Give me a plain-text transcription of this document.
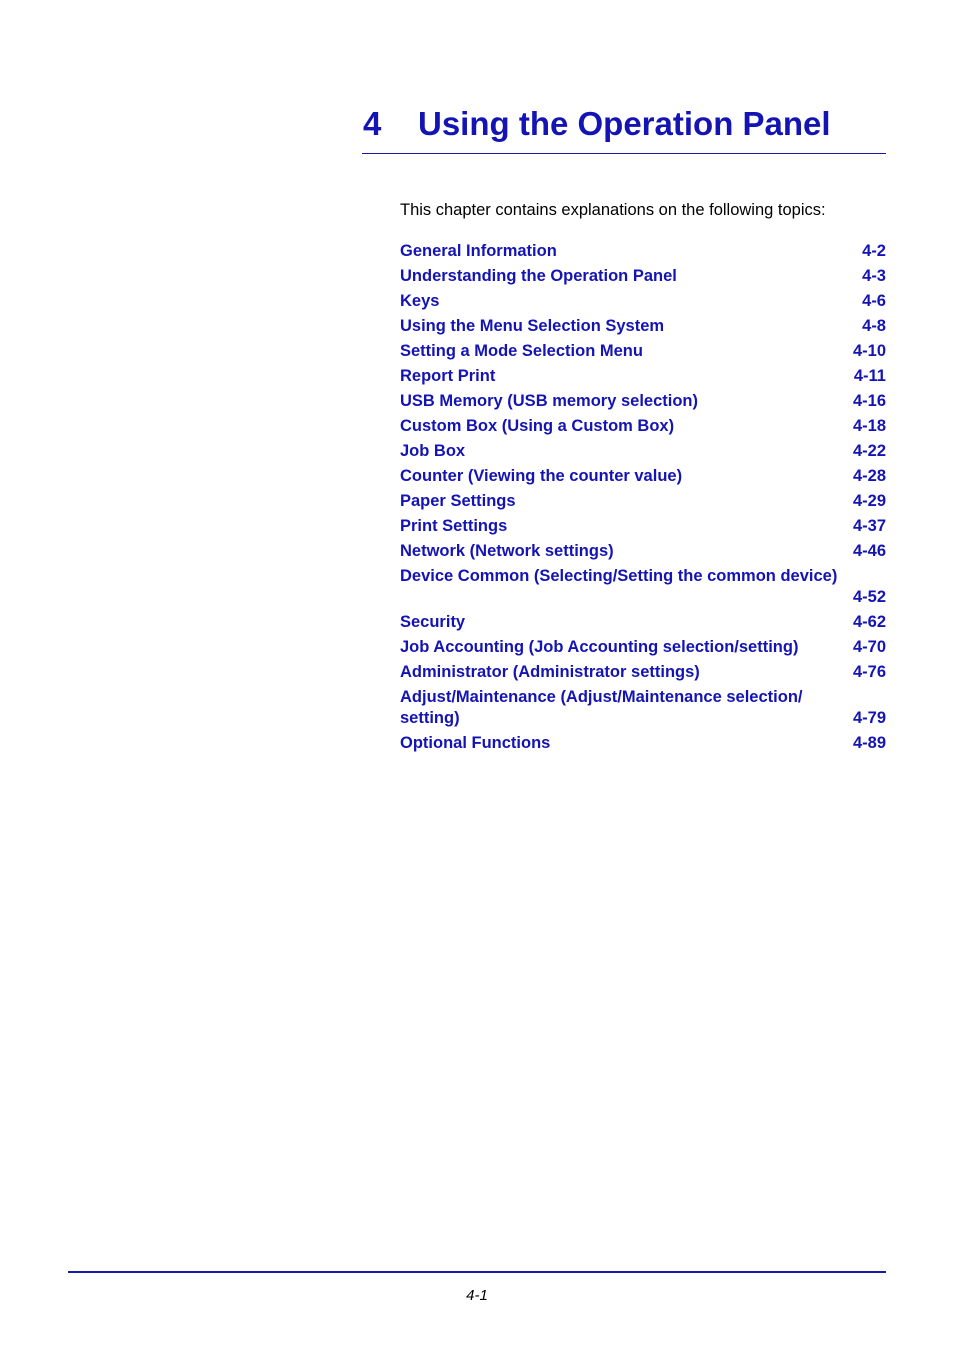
4 Using the Operation Panel
This chapter contains explanations on the following topics:
General Information	4-2
Understanding the Operation Panel	4-3
Keys	4-6
Using the Menu Selection System	4-8
Setting a Mode Selection Menu	4-10
Report Print	4-11
USB Memory (USB memory selection)	4-16
Custom Box (Using a Custom Box)	4-18
Job Box	4-22
Counter (Viewing the counter value)	4-28
Paper Settings	4-29
Print Settings	4-37
Network (Network settings)	4-46
Device Common (Selecting/Setting the common device)
4-52
Security	4-62
Job Accounting (Job Accounting selection/setting)	4-70
Administrator (Administrator settings)	4-76
Adjust/Maintenance (Adjust/Maintenance selection/ setting)	4-79
Optional Functions	4-89
4-1
